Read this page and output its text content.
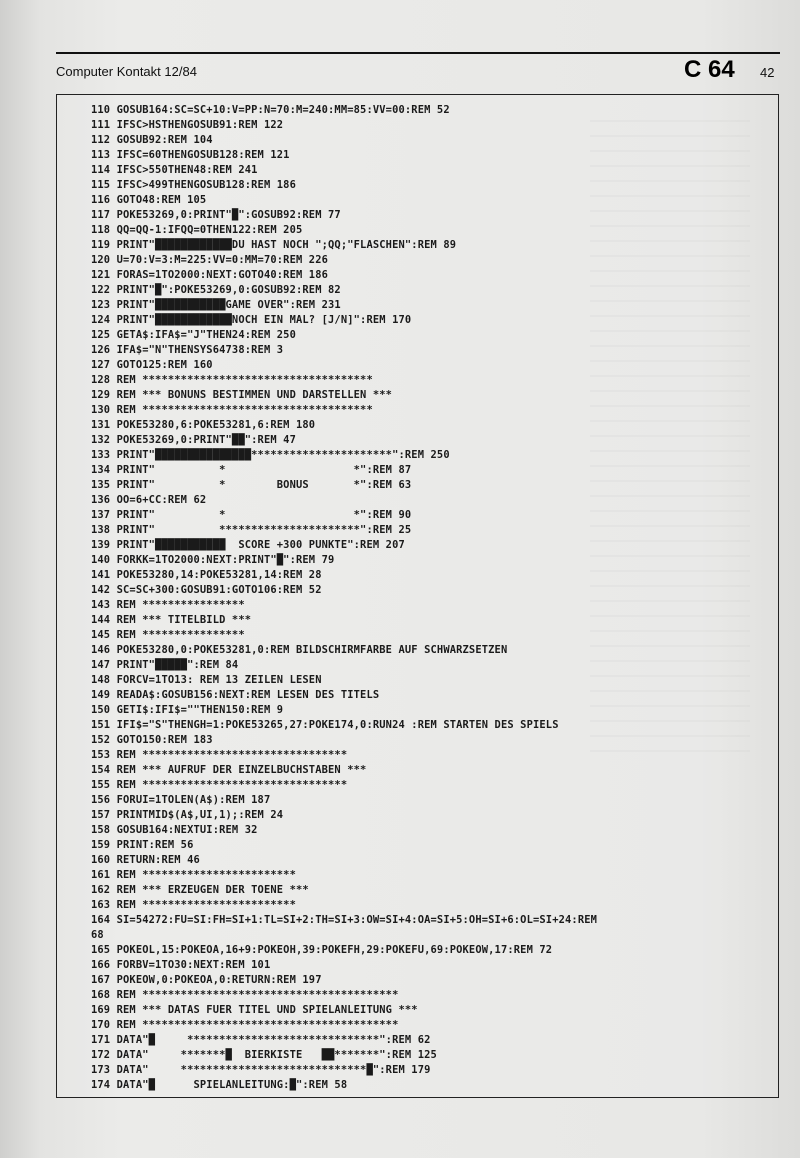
Computer Kontakt 12/84	C 64 42
110 GOSUB164:SC=SC+10:V=PP:N=70:M=240:MM=85:VV=00:REM 52
111 IFSC>HSTHENGOSUB91:REM 122
112 GOSUB92:REM 104
113 IFSC=60THENGOSUB128:REM 121
114 IFSC>550THEN48:REM 241
115 IFSC>499THENGOSUB128:REM 186
116 GOTO48:REM 105
117 POKE53269,0:PRINT"█":GOSUB92:REM 77
118 QQ=QQ-1:IFQQ=0THEN122:REM 205
119 PRINT"████████████DU HAST NOCH ";QQ;"FLASCHEN":REM 89
120 U=70:V=3:M=225:VV=0:MM=70:REM 226
121 FORAS=1TO2000:NEXT:GOTO40:REM 186
122 PRINT"█":POKE53269,0:GOSUB92:REM 82
123 PRINT"███████████GAME OVER":REM 231
124 PRINT"████████████NOCH EIN MAL? [J/N]":REM 170
125 GETA$:IFA$="J"THEN24:REM 250
126 IFA$="N"THENSYS64738:REM 3
127 GOTO125:REM 160
128 REM ************************************
129 REM *** BONUNS BESTIMMEN UND DARSTELLEN ***
130 REM ************************************
131 POKE53280,6:POKE53281,6:REM 180
132 POKE53269,0:PRINT"██":REM 47
133 PRINT"███████████████**********************":REM 250
134 PRINT"          *                    *":REM 87
135 PRINT"          *        BONUS       *":REM 63
136 OO=6+CC:REM 62
137 PRINT"          *                    *":REM 90
138 PRINT"          **********************":REM 25
139 PRINT"███████████  SCORE +300 PUNKTE":REM 207
140 FORKK=1TO2000:NEXT:PRINT"█":REM 79
141 POKE53280,14:POKE53281,14:REM 28
142 SC=SC+300:GOSUB91:GOTO106:REM 52
143 REM ****************
144 REM *** TITELBILD ***
145 REM ****************
146 POKE53280,0:POKE53281,0:REM BILDSCHIRMFARBE AUF SCHWARZSETZEN
147 PRINT"█████":REM 84
148 FORCV=1TO13: REM 13 ZEILEN LESEN
149 READA$:GOSUB156:NEXT:REM LESEN DES TITELS
150 GETI$:IFI$=""THEN150:REM 9
151 IFI$="S"THENGH=1:POKE53265,27:POKE174,0:RUN24 :REM STARTEN DES SPIELS
152 GOTO150:REM 183
153 REM ********************************
154 REM *** AUFRUF DER EINZELBUCHSTABEN ***
155 REM ********************************
156 FORUI=1TOLEN(A$):REM 187
157 PRINTMID$(A$,UI,1);:REM 24
158 GOSUB164:NEXTUI:REM 32
159 PRINT:REM 56
160 RETURN:REM 46
161 REM ************************
162 REM *** ERZEUGEN DER TOENE ***
163 REM ************************
164 SI=54272:FU=SI:FH=SI+1:TL=SI+2:TH=SI+3:OW=SI+4:OA=SI+5:OH=SI+6:OL=SI+24:REM
68
165 POKEOL,15:POKEOA,16+9:POKEOH,39:POKEFH,29:POKEFU,69:POKEOW,17:REM 72
166 FORBV=1TO30:NEXT:REM 101
167 POKEOW,0:POKEOA,0:RETURN:REM 197
168 REM ****************************************
169 REM *** DATAS FUER TITEL UND SPIELANLEITUNG ***
170 REM ****************************************
171 DATA"█     ******************************":REM 62
172 DATA"     *******█  BIERKISTE   ██*******":REM 125
173 DATA"     *****************************█":REM 179
174 DATA"█      SPIELANLEITUNG:█":REM 58
